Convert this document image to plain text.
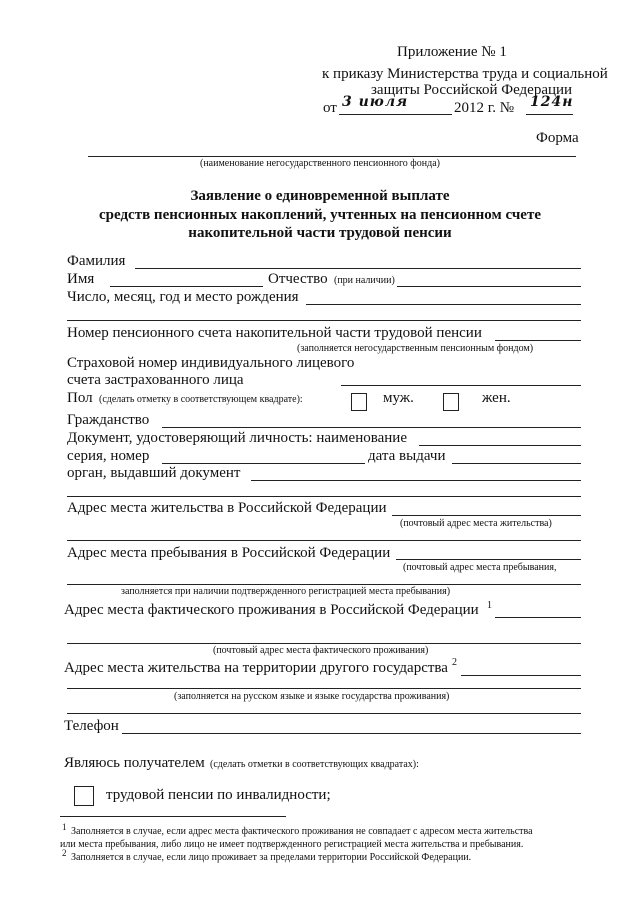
Приложение № 1
к приказу Министерства труда и социальной
защиты Российской Федерации
от 3 июля	2012 г. № 124н
Форма
(наименование негосударственного пенсионного фонда)
Заявление о единовременной выплате
средств пенсионных накоплений, учтенных на пенсионном счете
накопительной части трудовой пенсии
Фамилия
Имя	Отчество (при наличии)
Число, месяц, год и место рождения
Номер пенсионного счета накопительной части трудовой пенсии
(заполняется негосударственным пенсионным фондом)
Страховой номер индивидуального лицевого
счета застрахованного лица
Пол (сделать отметку в соответствующем квадрате):	муж.	жен.
Гражданство
Документ, удостоверяющий личность: наименование
серия, номер	дата выдачи
орган, выдавший документ
Адрес места жительства в Российской Федерации
(почтовый адрес места жительства)
Адрес места пребывания в Российской Федерации
(почтовый адрес места пребывания,
заполняется при наличии подтвержденного регистрацией места пребывания)
Адрес места фактического проживания в Российской Федерации 1
(почтовый адрес места фактического проживания)
Адрес места жительства на территории другого государства 2
(заполняется на русском языке и языке государства проживания)
Телефон
Являюсь получателем (сделать отметки в соответствующих квадратах):
трудовой пенсии по инвалидности;
1 Заполняется в случае, если адрес места фактического проживания не совпадает с адресом места жительства
или места пребывания, либо лицо не имеет подтвержденного регистрацией места жительства и пребывания.
2 Заполняется в случае, если лицо проживает за пределами территории Российской Федерации.
